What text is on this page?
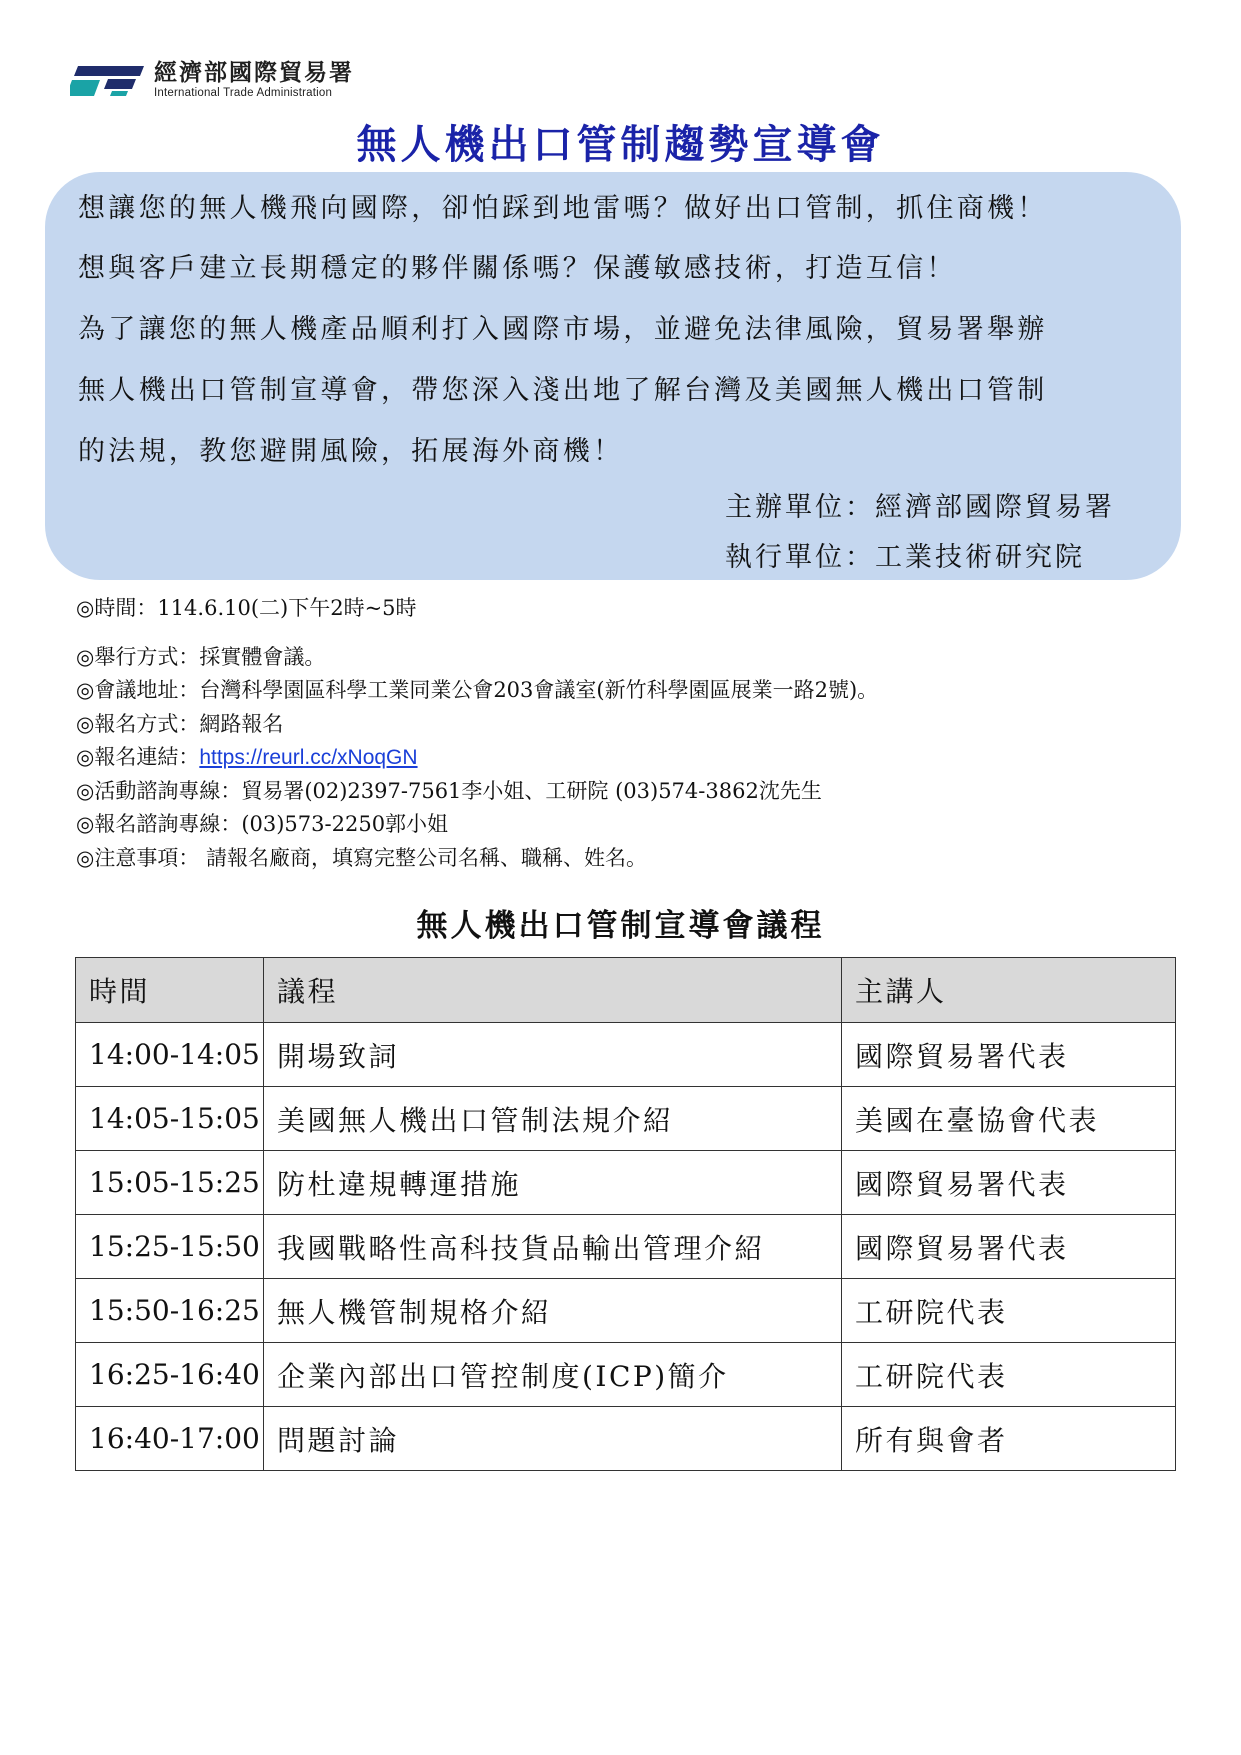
經濟部國際貿易署
International Trade Administration
無人機出口管制趨勢宣導會
想讓您的無人機飛向國際，卻怕踩到地雷嗎？做好出口管制，抓住商機！
想與客戶建立長期穩定的夥伴關係嗎？保護敏感技術，打造互信！
為了讓您的無人機產品順利打入國際市場，並避免法律風險，貿易署舉辦
無人機出口管制宣導會，帶您深入淺出地了解台灣及美國無人機出口管制
的法規，教您避開風險，拓展海外商機！
主辦單位：經濟部國際貿易署
執行單位：工業技術研究院
◎時間：114.6.10(二)下午2時~5時
◎舉行方式：採實體會議。
◎會議地址：台灣科學園區科學工業同業公會203會議室(新竹科學園區展業一路2號)。
◎報名方式：網路報名
◎報名連結：https://reurl.cc/xNoqGN
◎活動諮詢專線：貿易署(02)2397-7561李小姐、工研院 (03)574-3862沈先生
◎報名諮詢專線：(03)573-2250郭小姐
◎注意事項： 請報名廠商，填寫完整公司名稱、職稱、姓名。
無人機出口管制宣導會議程
時間	議程	主講人
14:00-14:05	開場致詞	國際貿易署代表
14:05-15:05	美國無人機出口管制法規介紹	美國在臺協會代表
15:05-15:25	防杜違規轉運措施	國際貿易署代表
15:25-15:50	我國戰略性高科技貨品輸出管理介紹	國際貿易署代表
15:50-16:25	無人機管制規格介紹	工研院代表
16:25-16:40	企業內部出口管控制度(ICP)簡介	工研院代表
16:40-17:00	問題討論	所有與會者
